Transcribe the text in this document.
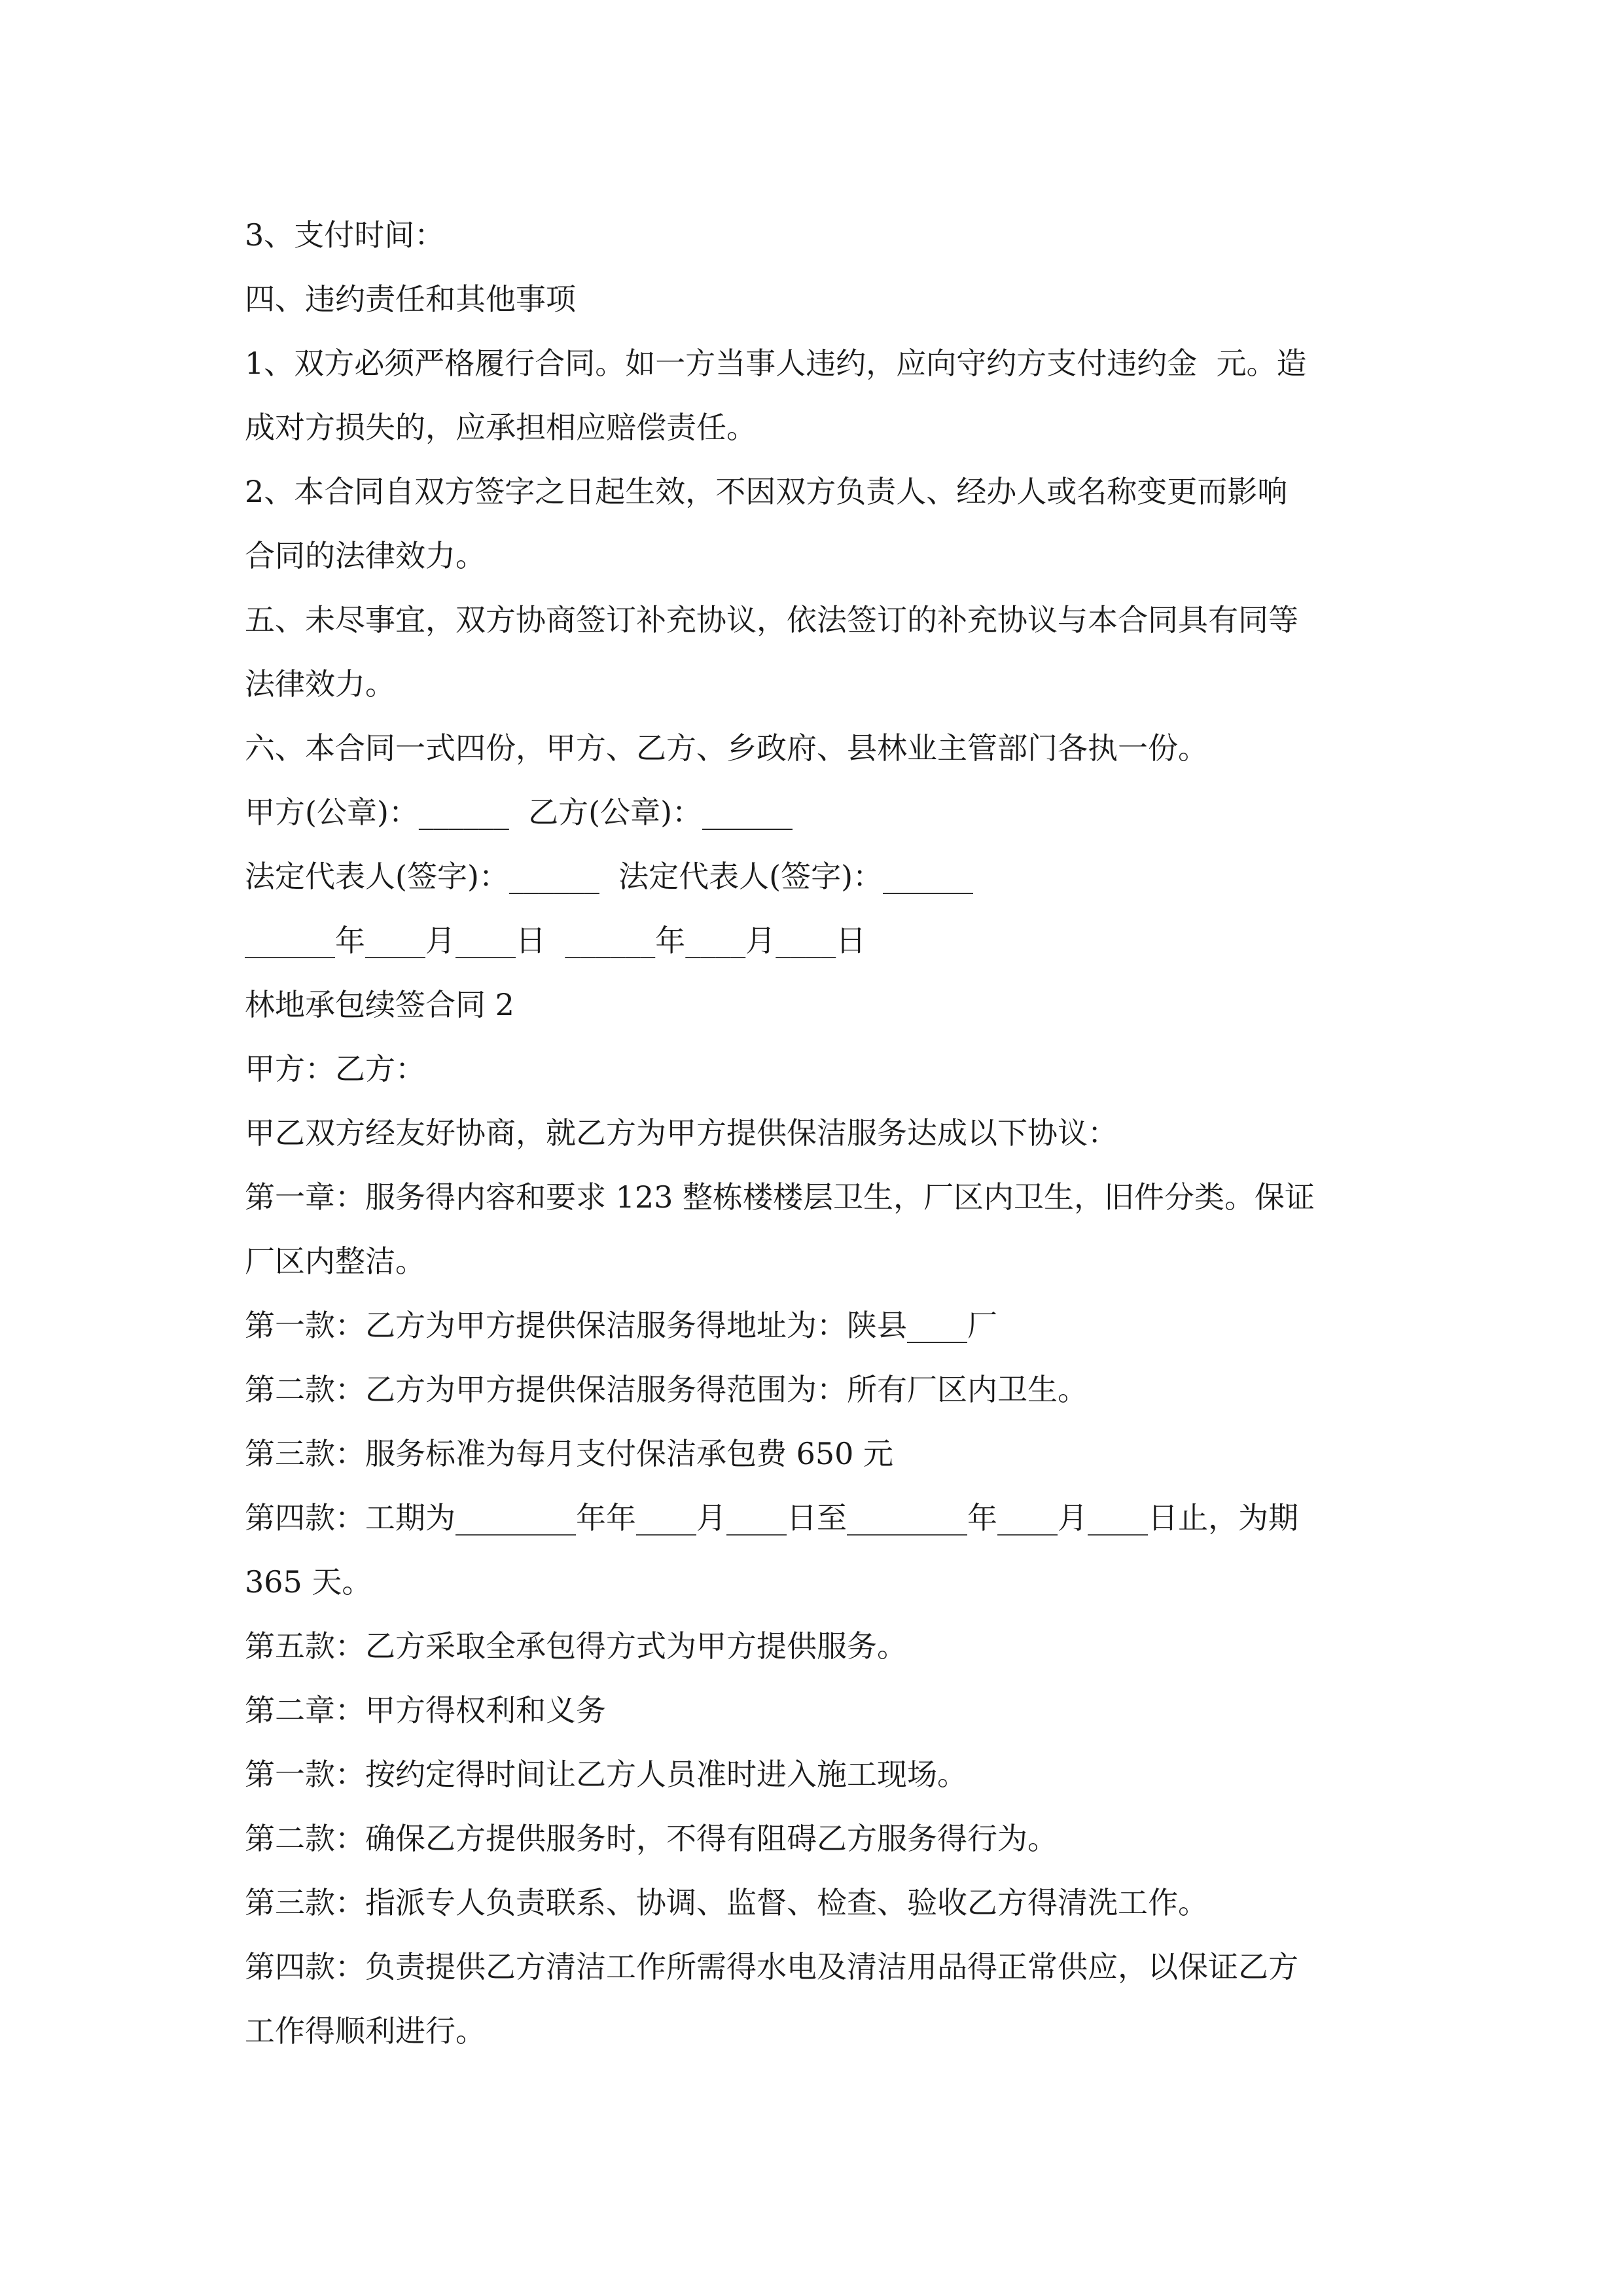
3、支付时间：
四、违约责任和其他事项
1、双方必须严格履行合同。如一方当事人违约，应向守约方支付违约金  元。造
成对方损失的，应承担相应赔偿责任。
2、本合同自双方签字之日起生效，不因双方负责人、经办人或名称变更而影响
合同的法律效力。
五、未尽事宜，双方协商签订补充协议，依法签订的补充协议与本合同具有同等
法律效力。
六、本合同一式四份，甲方、乙方、乡政府、县林业主管部门各执一份。
甲方(公章)：______  乙方(公章)：______
法定代表人(签字)：______  法定代表人(签字)：______
______年____月____日  ______年____月____日
林地承包续签合同 2
甲方：乙方：
甲乙双方经友好协商，就乙方为甲方提供保洁服务达成以下协议：
第一章：服务得内容和要求 123 整栋楼楼层卫生，厂区内卫生，旧件分类。保证
厂区内整洁。
第一款：乙方为甲方提供保洁服务得地址为：陕县____厂
第二款：乙方为甲方提供保洁服务得范围为：所有厂区内卫生。
第三款：服务标准为每月支付保洁承包费 650 元
第四款：工期为________年年____月____日至________年____月____日止，为期
365 天。
第五款：乙方采取全承包得方式为甲方提供服务。
第二章：甲方得权利和义务
第一款：按约定得时间让乙方人员准时进入施工现场。
第二款：确保乙方提供服务时，不得有阻碍乙方服务得行为。
第三款：指派专人负责联系、协调、监督、检查、验收乙方得清洗工作。
第四款：负责提供乙方清洁工作所需得水电及清洁用品得正常供应，以保证乙方
工作得顺利进行。
